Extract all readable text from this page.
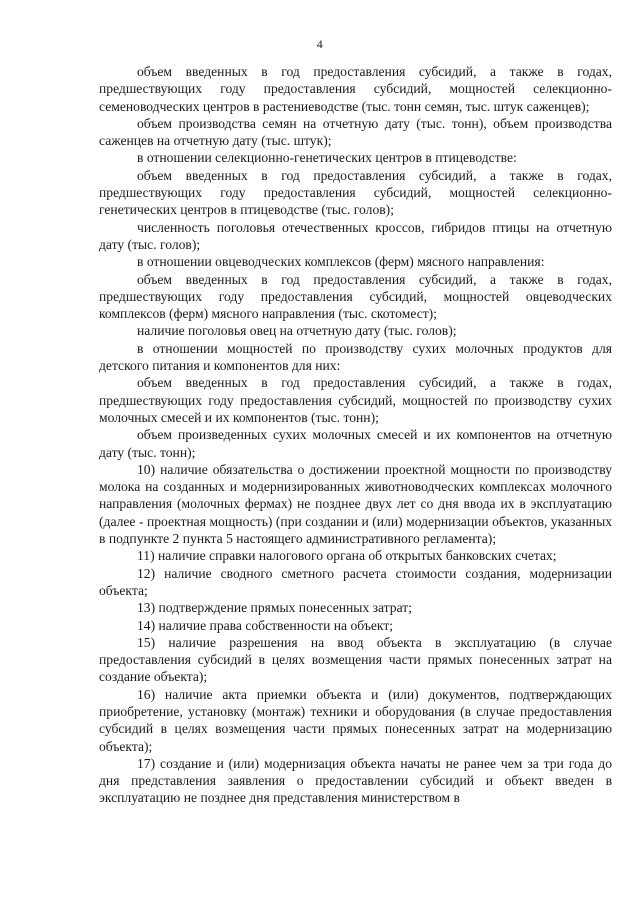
4

объем введенных в год предоставления субсидий, а также в годах, предшествующих году предоставления субсидий, мощностей селекционно-семеноводческих центров в растениеводстве (тыс. тонн семян, тыс. штук саженцев);

объем производства семян на отчетную дату (тыс. тонн), объем производства саженцев на отчетную дату (тыс. штук);

в отношении селекционно-генетических центров в птицеводстве:

объем введенных в год предоставления субсидий, а также в годах, предшествующих году предоставления субсидий, мощностей селекционно-генетических центров в птицеводстве (тыс. голов);

численность поголовья отечественных кроссов, гибридов птицы на отчетную дату (тыс. голов);

в отношении овцеводческих комплексов (ферм) мясного направления:

объем введенных в год предоставления субсидий, а также в годах, предшествующих году предоставления субсидий, мощностей овцеводческих комплексов (ферм) мясного направления (тыс. скотомест);

наличие поголовья овец на отчетную дату (тыс. голов);

в отношении мощностей по производству сухих молочных продуктов для детского питания и компонентов для них:

объем введенных в год предоставления субсидий, а также в годах, предшествующих году предоставления субсидий, мощностей по производству сухих молочных смесей и их компонентов (тыс. тонн);

объем произведенных сухих молочных смесей и их компонентов на отчетную дату (тыс. тонн);

10) наличие обязательства о достижении проектной мощности по производству молока на созданных и модернизированных животноводческих комплексах молочного направления (молочных фермах) не позднее двух лет со дня ввода их в эксплуатацию (далее - проектная мощность) (при создании и (или) модернизации объектов, указанных в подпункте 2 пункта 5 настоящего административного регламента);

11) наличие справки налогового органа об открытых банковских счетах;

12) наличие сводного сметного расчета стоимости создания, модернизации объекта;

13) подтверждение прямых понесенных затрат;

14) наличие права собственности на объект;

15) наличие разрешения на ввод объекта в эксплуатацию (в случае предоставления субсидий в целях возмещения части прямых понесенных затрат на создание объекта);

16) наличие акта приемки объекта и (или) документов, подтверждающих приобретение, установку (монтаж) техники и оборудования (в случае предоставления субсидий в целях возмещения части прямых понесенных затрат на модернизацию объекта);

17) создание и (или) модернизация объекта начаты не ранее чем за три года до дня представления заявления о предоставлении субсидий и объект введен в эксплуатацию не позднее дня представления министерством в
